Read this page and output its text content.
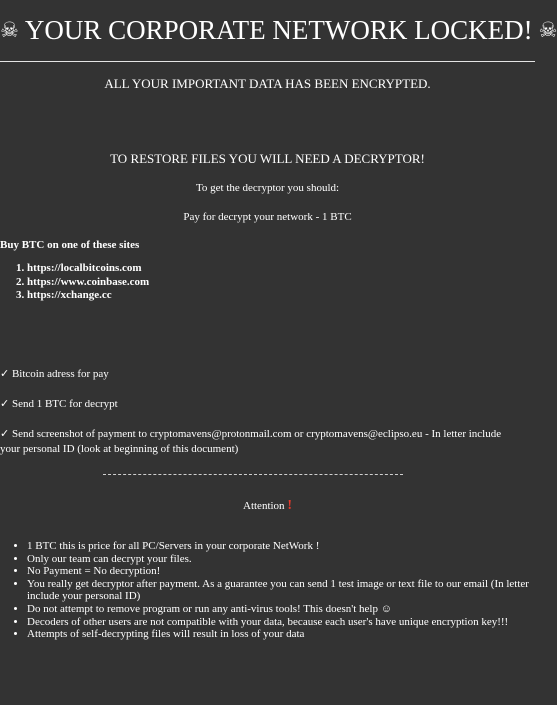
☠ YOUR CORPORATE NETWORK LOCKED! ☠
ALL YOUR IMPORTANT DATA HAS BEEN ENCRYPTED.
TO RESTORE FILES YOU WILL NEED A DECRYPTOR!
To get the decryptor you should:
Pay for decrypt your network - 1 BTC
Buy BTC on one of these sites
1. https://localbitcoins.com
2. https://www.coinbase.com
3. https://xchange.cc
✓ Bitcoin adress for pay
✓ Send 1 BTC for decrypt
✓ Send screenshot of payment to cryptomavens@protonmail.com or cryptomavens@eclipso.eu - In letter include your personal ID (look at beginning of this document)
Attention !
• 1 BTC this is price for all PC/Servers in your corporate NetWork !
• Only our team can decrypt your files.
• No Payment = No decryption!
• You really get decryptor after payment. As a guarantee you can send 1 test image or text file to our email (In letter include your personal ID)
• Do not attempt to remove program or run any anti-virus tools! This doesn't help ☺
• Decoders of other users are not compatible with your data, because each user's have unique encryption key!!!
• Attempts of self-decrypting files will result in loss of your data
